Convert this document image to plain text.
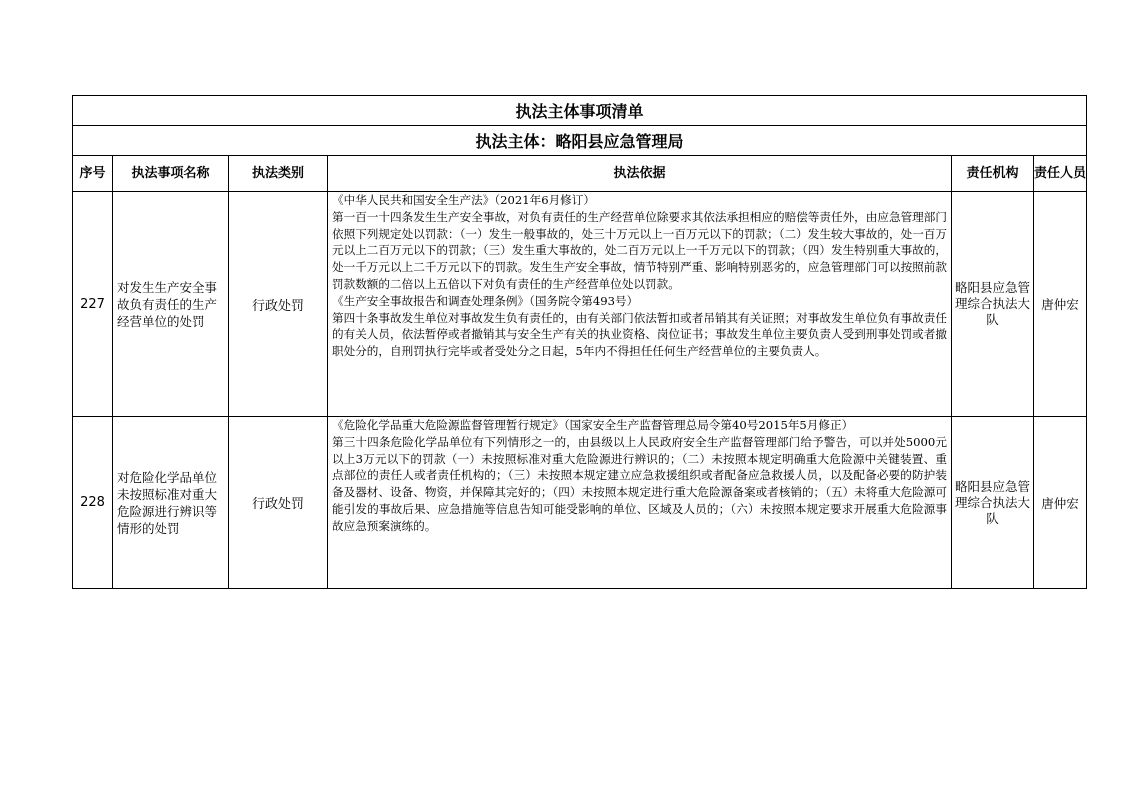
执法主体事项清单					
执法主体：略阳县应急管理局					
序号	执法事项名称	执法类别	执法依据	责任机构	责任人员
227	对发生生产安全事故负有责任的生产经营单位的处罚	行政处罚	《中华人民共和国安全生产法》（2021年6月修订）

第一百一十四条发生生产安全事故，对负有责任的生产经营单位除要求其依法承担相应的赔偿等责任外，由应急管理部门依照下列规定处以罚款：（一）发生一般事故的，处三十万元以上一百万元以下的罚款；（二）发生较大事故的，处一百万元以上二百万元以下的罚款；（三）发生重大事故的，处二百万元以上一千万元以下的罚款；（四）发生特别重大事故的，处一千万元以上二千万元以下的罚款。发生生产安全事故，情节特别严重、影响特别恶劣的，应急管理部门可以按照前款罚款数额的二倍以上五倍以下对负有责任的生产经营单位处以罚款。

《生产安全事故报告和调查处理条例》（国务院令第493号）

第四十条事故发生单位对事故发生负有责任的，由有关部门依法暂扣或者吊销其有关证照；对事故发生单位负有事故责任的有关人员，依法暂停或者撤销其与安全生产有关的执业资格、岗位证书；事故发生单位主要负责人受到刑事处罚或者撤职处分的，自刑罚执行完毕或者受处分之日起，5年内不得担任任何生产经营单位的主要负责人。	略阳县应急管理综合执法大队	唐仲宏
228	对危险化学品单位未按照标准对重大危险源进行辨识等情形的处罚	行政处罚	《危险化学品重大危险源监督管理暂行规定》（国家安全生产监督管理总局令第40号2015年5月修正）

第三十四条危险化学品单位有下列情形之一的，由县级以上人民政府安全生产监督管理部门给予警告，可以并处5000元以上3万元以下的罚款（一）未按照标准对重大危险源进行辨识的；（二）未按照本规定明确重大危险源中关键装置、重点部位的责任人或者责任机构的；（三）未按照本规定建立应急救援组织或者配备应急救援人员，以及配备必要的防护装备及器材、设备、物资，并保障其完好的；（四）未按照本规定进行重大危险源备案或者核销的；（五）未将重大危险源可能引发的事故后果、应急措施等信息告知可能受影响的单位、区域及人员的；（六）未按照本规定要求开展重大危险源事故应急预案演练的。	略阳县应急管理综合执法大队	唐仲宏
